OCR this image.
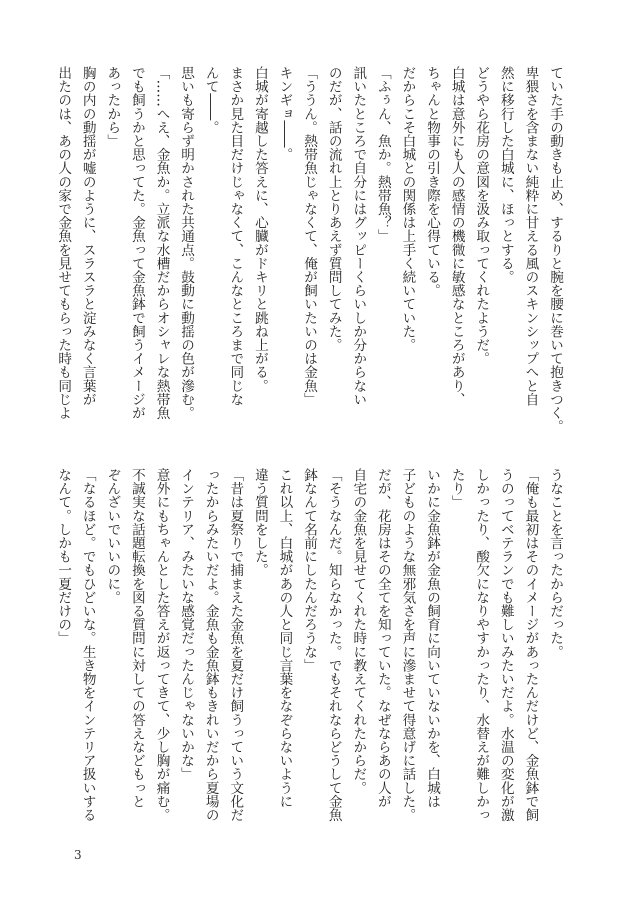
ていた手の動きも止め、するりと腕を腰に巻いて抱きつく。
卑猥さを含まない純粋に甘える風のスキンシップへと自
然に移行した白城に、ほっとする。
どうやら花房の意図を汲み取ってくれたようだ。
白城は意外にも人の感情の機微に敏感なところがあり、
ちゃんと物事の引き際を心得ている。
だからこそ白城との関係は上手く続いていた。
「ふぅん、魚か。熱帯魚？」
訊いたところで自分にはグッピーくらいしか分からない
のだが、話の流れ上とりあえず質問してみた。
「ううん。熱帯魚じゃなくて、俺が飼いたいのは金魚」
キンギョ――。
白城が寄越した答えに、心臓がドキリと跳ね上がる。
まさか見た目だけじゃなくて、こんなところまで同じな
んて――。
思いも寄らず明かされた共通点。鼓動に動揺の色が滲む。
「……へえ、金魚か。立派な水槽だからオシャレな熱帯魚
でも飼うかと思ってた。金魚って金魚鉢で飼うイメージが
あったから」
胸の内の動揺が嘘のように、スラスラと淀みなく言葉が
出たのは、あの人の家で金魚を見せてもらった時も同じよ
うなことを言ったからだった。
「俺も最初はそのイメージがあったんだけど、金魚鉢で飼
うのってベテランでも難しいみたいだよ。水温の変化が激
しかったり、酸欠になりやすかったり、水替えが難しかっ
たり」
いかに金魚鉢が金魚の飼育に向いていないかを、白城は
子どものような無邪気さを声に滲ませて得意げに話した。
だが、花房はその全てを知っていた。なぜならあの人が
自宅の金魚を見せてくれた時に教えてくれたからだ。
「そうなんだ。知らなかった。でもそれならどうして金魚
鉢なんて名前にしたんだろうな」
これ以上、白城があの人と同じ言葉をなぞらないように
違う質問をした。
「昔は夏祭りで捕まえた金魚を夏だけ飼うっていう文化だ
ったからみたいだよ。金魚も金魚鉢もきれいだから夏場の
インテリア、みたいな感覚だったんじゃないかな」
意外にもちゃんとした答えが返ってきて、少し胸が痛む。
不誠実な話題転換を図る質問に対しての答えなどもっと
ぞんざいでいいのに。
「なるほど。でもひどいな。生き物をインテリア扱いする
なんて。しかも一夏だけの」
3
